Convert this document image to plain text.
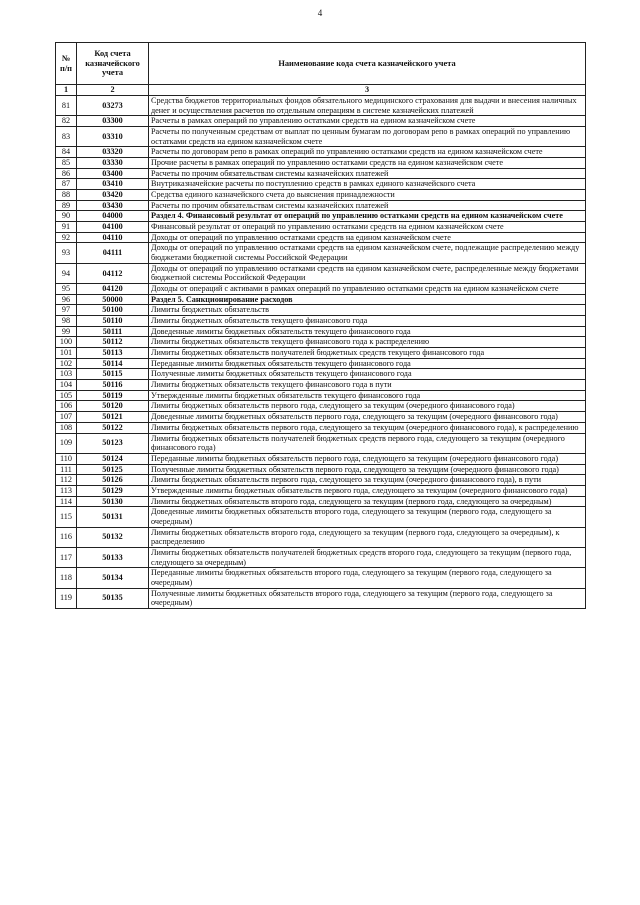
4
№ п/п	Код счета казначейского учета	Наименование кода счета казначейского учета
1	2	3
81	03273	Средства бюджетов территориальных фондов обязательного медицинского страхования для выдачи и внесения наличных денег и осуществления расчетов по отдельным операциям в системе казначейских платежей
82	03300	Расчеты в рамках операций по управлению остатками средств на едином казначейском счете
83	03310	Расчеты по полученным средствам от выплат по ценным бумагам по договорам репо в рамках операций по управлению остатками средств на едином казначейском счете
84	03320	Расчеты по договорам репо в рамках операций по управлению остатками средств на едином казначейском счете
85	03330	Прочие расчеты в рамках операций по управлению остатками средств на едином казначейском счете
86	03400	Расчеты по прочим обязательствам системы казначейских платежей
87	03410	Внутриказначейские расчеты по поступлению средств в рамках единого казначейского счета
88	03420	Средства единого казначейского счета до выяснения принадлежности
89	03430	Расчеты по прочим обязательствам системы казначейских платежей
90	04000	Раздел 4. Финансовый результат от операций по управлению остатками средств на едином казначейском счете
91	04100	Финансовый результат от операций по управлению остатками средств на едином казначейском счете
92	04110	Доходы от операций по управлению остатками средств на едином казначейском счете
93	04111	Доходы от операций по управлению остатками средств на едином казначейском счете, подлежащие распределению между бюджетами бюджетной системы Российской Федерации
94	04112	Доходы от операций по управлению остатками средств на едином казначейском счете, распределенные между бюджетами бюджетной системы Российской Федерации
95	04120	Доходы от операций с активами в рамках операций по управлению остатками средств на едином казначейском счете
96	50000	Раздел 5. Санкционирование расходов
97	50100	Лимиты бюджетных обязательств
98	50110	Лимиты бюджетных обязательств текущего финансового года
99	50111	Доведенные лимиты бюджетных обязательств текущего финансового года
100	50112	Лимиты бюджетных обязательств текущего финансового года к распределению
101	50113	Лимиты бюджетных обязательств получателей бюджетных средств текущего финансового года
102	50114	Переданные лимиты бюджетных обязательств текущего финансового года
103	50115	Полученные лимиты бюджетных обязательств текущего финансового года
104	50116	Лимиты бюджетных обязательств текущего финансового года в пути
105	50119	Утвержденные лимиты бюджетных обязательств текущего финансового года
106	50120	Лимиты бюджетных обязательств первого года, следующего за текущим (очередного финансового года)
107	50121	Доведенные лимиты бюджетных обязательств первого года, следующего за текущим (очередного финансового года)
108	50122	Лимиты бюджетных обязательств первого года, следующего за текущим (очередного финансового года), к распределению
109	50123	Лимиты бюджетных обязательств получателей бюджетных средств первого года, следующего за текущим (очередного финансового года)
110	50124	Переданные лимиты бюджетных обязательств первого года, следующего за текущим (очередного финансового года)
111	50125	Полученные лимиты бюджетных обязательств первого года, следующего за текущим (очередного финансового года)
112	50126	Лимиты бюджетных обязательств первого года, следующего за текущим (очередного финансового года), в пути
113	50129	Утвержденные лимиты бюджетных обязательств первого года, следующего за текущим (очередного финансового года)
114	50130	Лимиты бюджетных обязательств второго года, следующего за текущим (первого года, следующего за очередным)
115	50131	Доведенные лимиты бюджетных обязательств второго года, следующего за текущим (первого года, следующего за очередным)
116	50132	Лимиты бюджетных обязательств второго года, следующего за текущим (первого года, следующего за очередным), к распределению
117	50133	Лимиты бюджетных обязательств получателей бюджетных средств второго года, следующего за текущим (первого года, следующего за очередным)
118	50134	Переданные лимиты бюджетных обязательств второго года, следующего за текущим (первого года, следующего за очередным)
119	50135	Полученные лимиты бюджетных обязательств второго года, следующего за текущим (первого года, следующего за очередным)
